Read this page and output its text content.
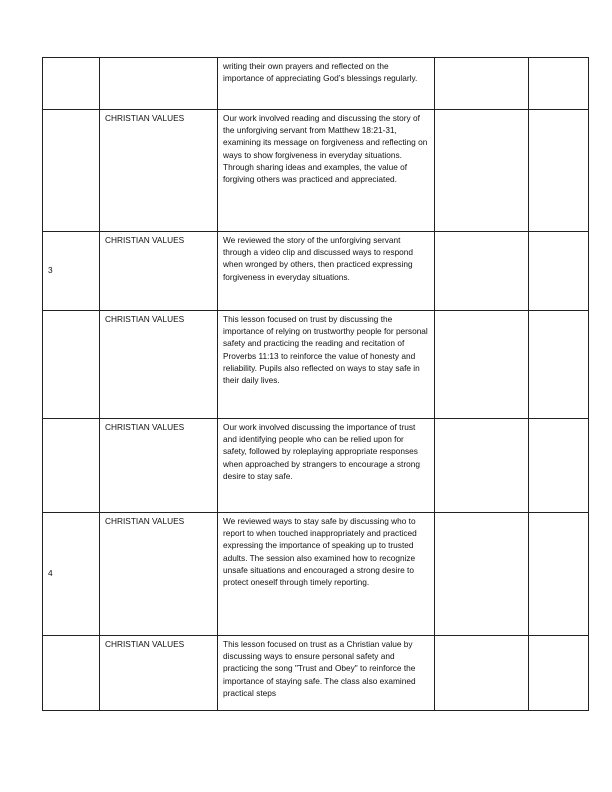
		writing their own prayers and reflected on the importance of appreciating God’s blessings regularly.		
	CHRISTIAN VALUES	Our work involved reading and discussing the story of the unforgiving servant from Matthew 18:21-31, examining its message on forgiveness and reflecting on ways to show forgiveness in everyday situations. Through sharing ideas and examples, the value of forgiving others was practiced and appreciated.		
3	CHRISTIAN VALUES	We reviewed the story of the unforgiving servant through a video clip and discussed ways to respond when wronged by others, then practiced expressing forgiveness in everyday situations.		
	CHRISTIAN VALUES	This lesson focused on trust by discussing the importance of relying on trustworthy people for personal safety and practicing the reading and recitation of Proverbs 11:13 to reinforce the value of honesty and reliability. Pupils also reflected on ways to stay safe in their daily lives.		
	CHRISTIAN VALUES	Our work involved discussing the importance of trust and identifying people who can be relied upon for safety, followed by roleplaying appropriate responses when approached by strangers to encourage a strong desire to stay safe.		
4	CHRISTIAN VALUES	We reviewed ways to stay safe by discussing who to report to when touched inappropriately and practiced expressing the importance of speaking up to trusted adults. The session also examined how to recognize unsafe situations and encouraged a strong desire to protect oneself through timely reporting.		
	CHRISTIAN VALUES	This lesson focused on trust as a Christian value by discussing ways to ensure personal safety and practicing the song "Trust and Obey" to reinforce the importance of staying safe. The class also examined practical steps		
